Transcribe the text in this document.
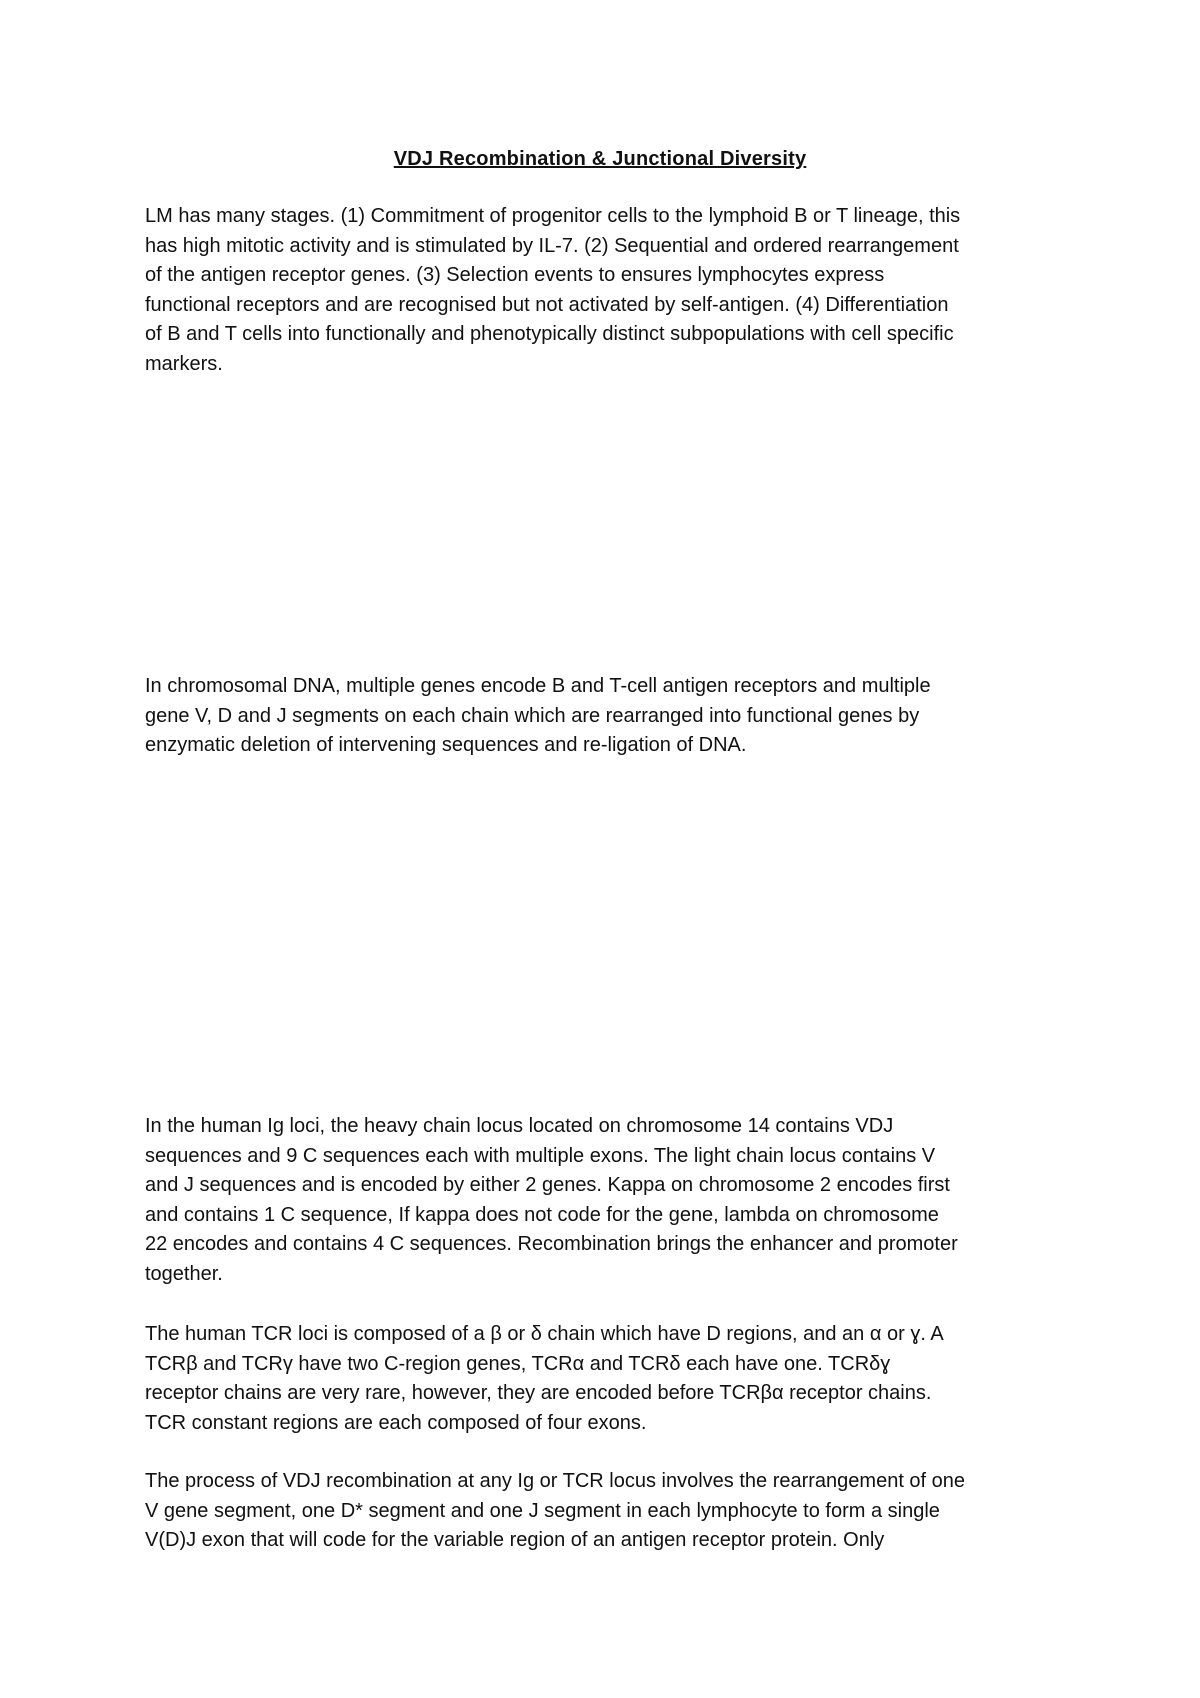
VDJ Recombination & Junctional Diversity

LM has many stages. (1) Commitment of progenitor cells to the lymphoid B or T lineage, this
has high mitotic activity and is stimulated by IL-7. (2) Sequential and ordered rearrangement
of the antigen receptor genes. (3) Selection events to ensures lymphocytes express
functional receptors and are recognised but not activated by self-antigen. (4) Differentiation
of B and T cells into functionally and phenotypically distinct subpopulations with cell specific
markers.

In chromosomal DNA, multiple genes encode B and T-cell antigen receptors and multiple
gene V, D and J segments on each chain which are rearranged into functional genes by
enzymatic deletion of intervening sequences and re-ligation of DNA.

In the human Ig loci, the heavy chain locus located on chromosome 14 contains VDJ
sequences and 9 C sequences each with multiple exons. The light chain locus contains V
and J sequences and is encoded by either 2 genes. Kappa on chromosome 2 encodes first
and contains 1 C sequence, If kappa does not code for the gene, lambda on chromosome
22 encodes and contains 4 C sequences. Recombination brings the enhancer and promoter
together.

The human TCR loci is composed of a β or δ chain which have D regions, and an α or ɣ. A
TCRβ and TCRγ have two C-region genes, TCRα and TCRδ each have one. TCRδɣ
receptor chains are very rare, however, they are encoded before TCRβα receptor chains.
TCR constant regions are each composed of four exons.

The process of VDJ recombination at any Ig or TCR locus involves the rearrangement of one
V gene segment, one D* segment and one J segment in each lymphocyte to form a single
V(D)J exon that will code for the variable region of an antigen receptor protein. Only
